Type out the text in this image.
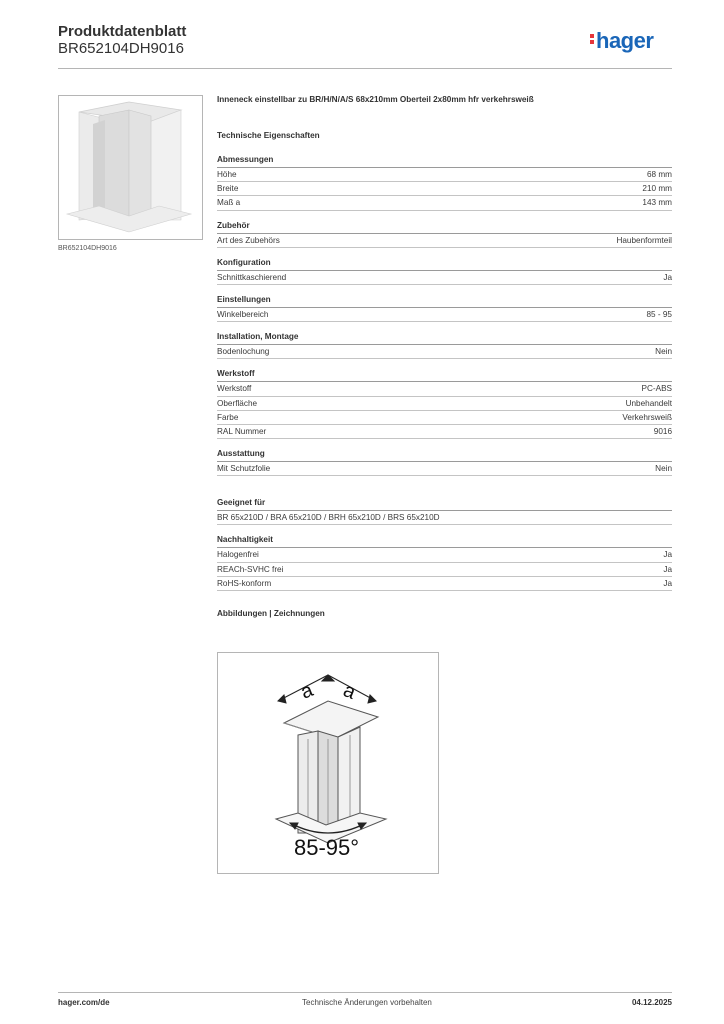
Produktdatenblatt
BR652104DH9016	hager
BR652104DH9016
Inneneck einstellbar zu BR/H/N/A/S 68x210mm Oberteil 2x80mm hfr verkehrsweiß
Technische Eigenschaften
Abmessungen
Höhe	68 mm
Breite	210 mm
Maß a	143 mm
Zubehör
Art des Zubehörs	Haubenformteil
Konfiguration
Schnittkaschierend	Ja
Einstellungen
Winkelbereich	85 - 95
Installation, Montage
Bodenlochung	Nein
Werkstoff
Werkstoff	PC-ABS
Oberfläche	Unbehandelt
Farbe	Verkehrsweiß
RAL Nummer	9016
Ausstattung
Mit Schutzfolie	Nein
Geeignet für
BR 65x210D / BRA 65x210D / BRH 65x210D / BRS 65x210D
Nachhaltigkeit
Halogenfrei	Ja
REACh-SVHC frei	Ja
RoHS-konform	Ja
Abbildungen | Zeichnungen
a a
85-95°
hager.com/de	Technische Änderungen vorbehalten	04.12.2025
